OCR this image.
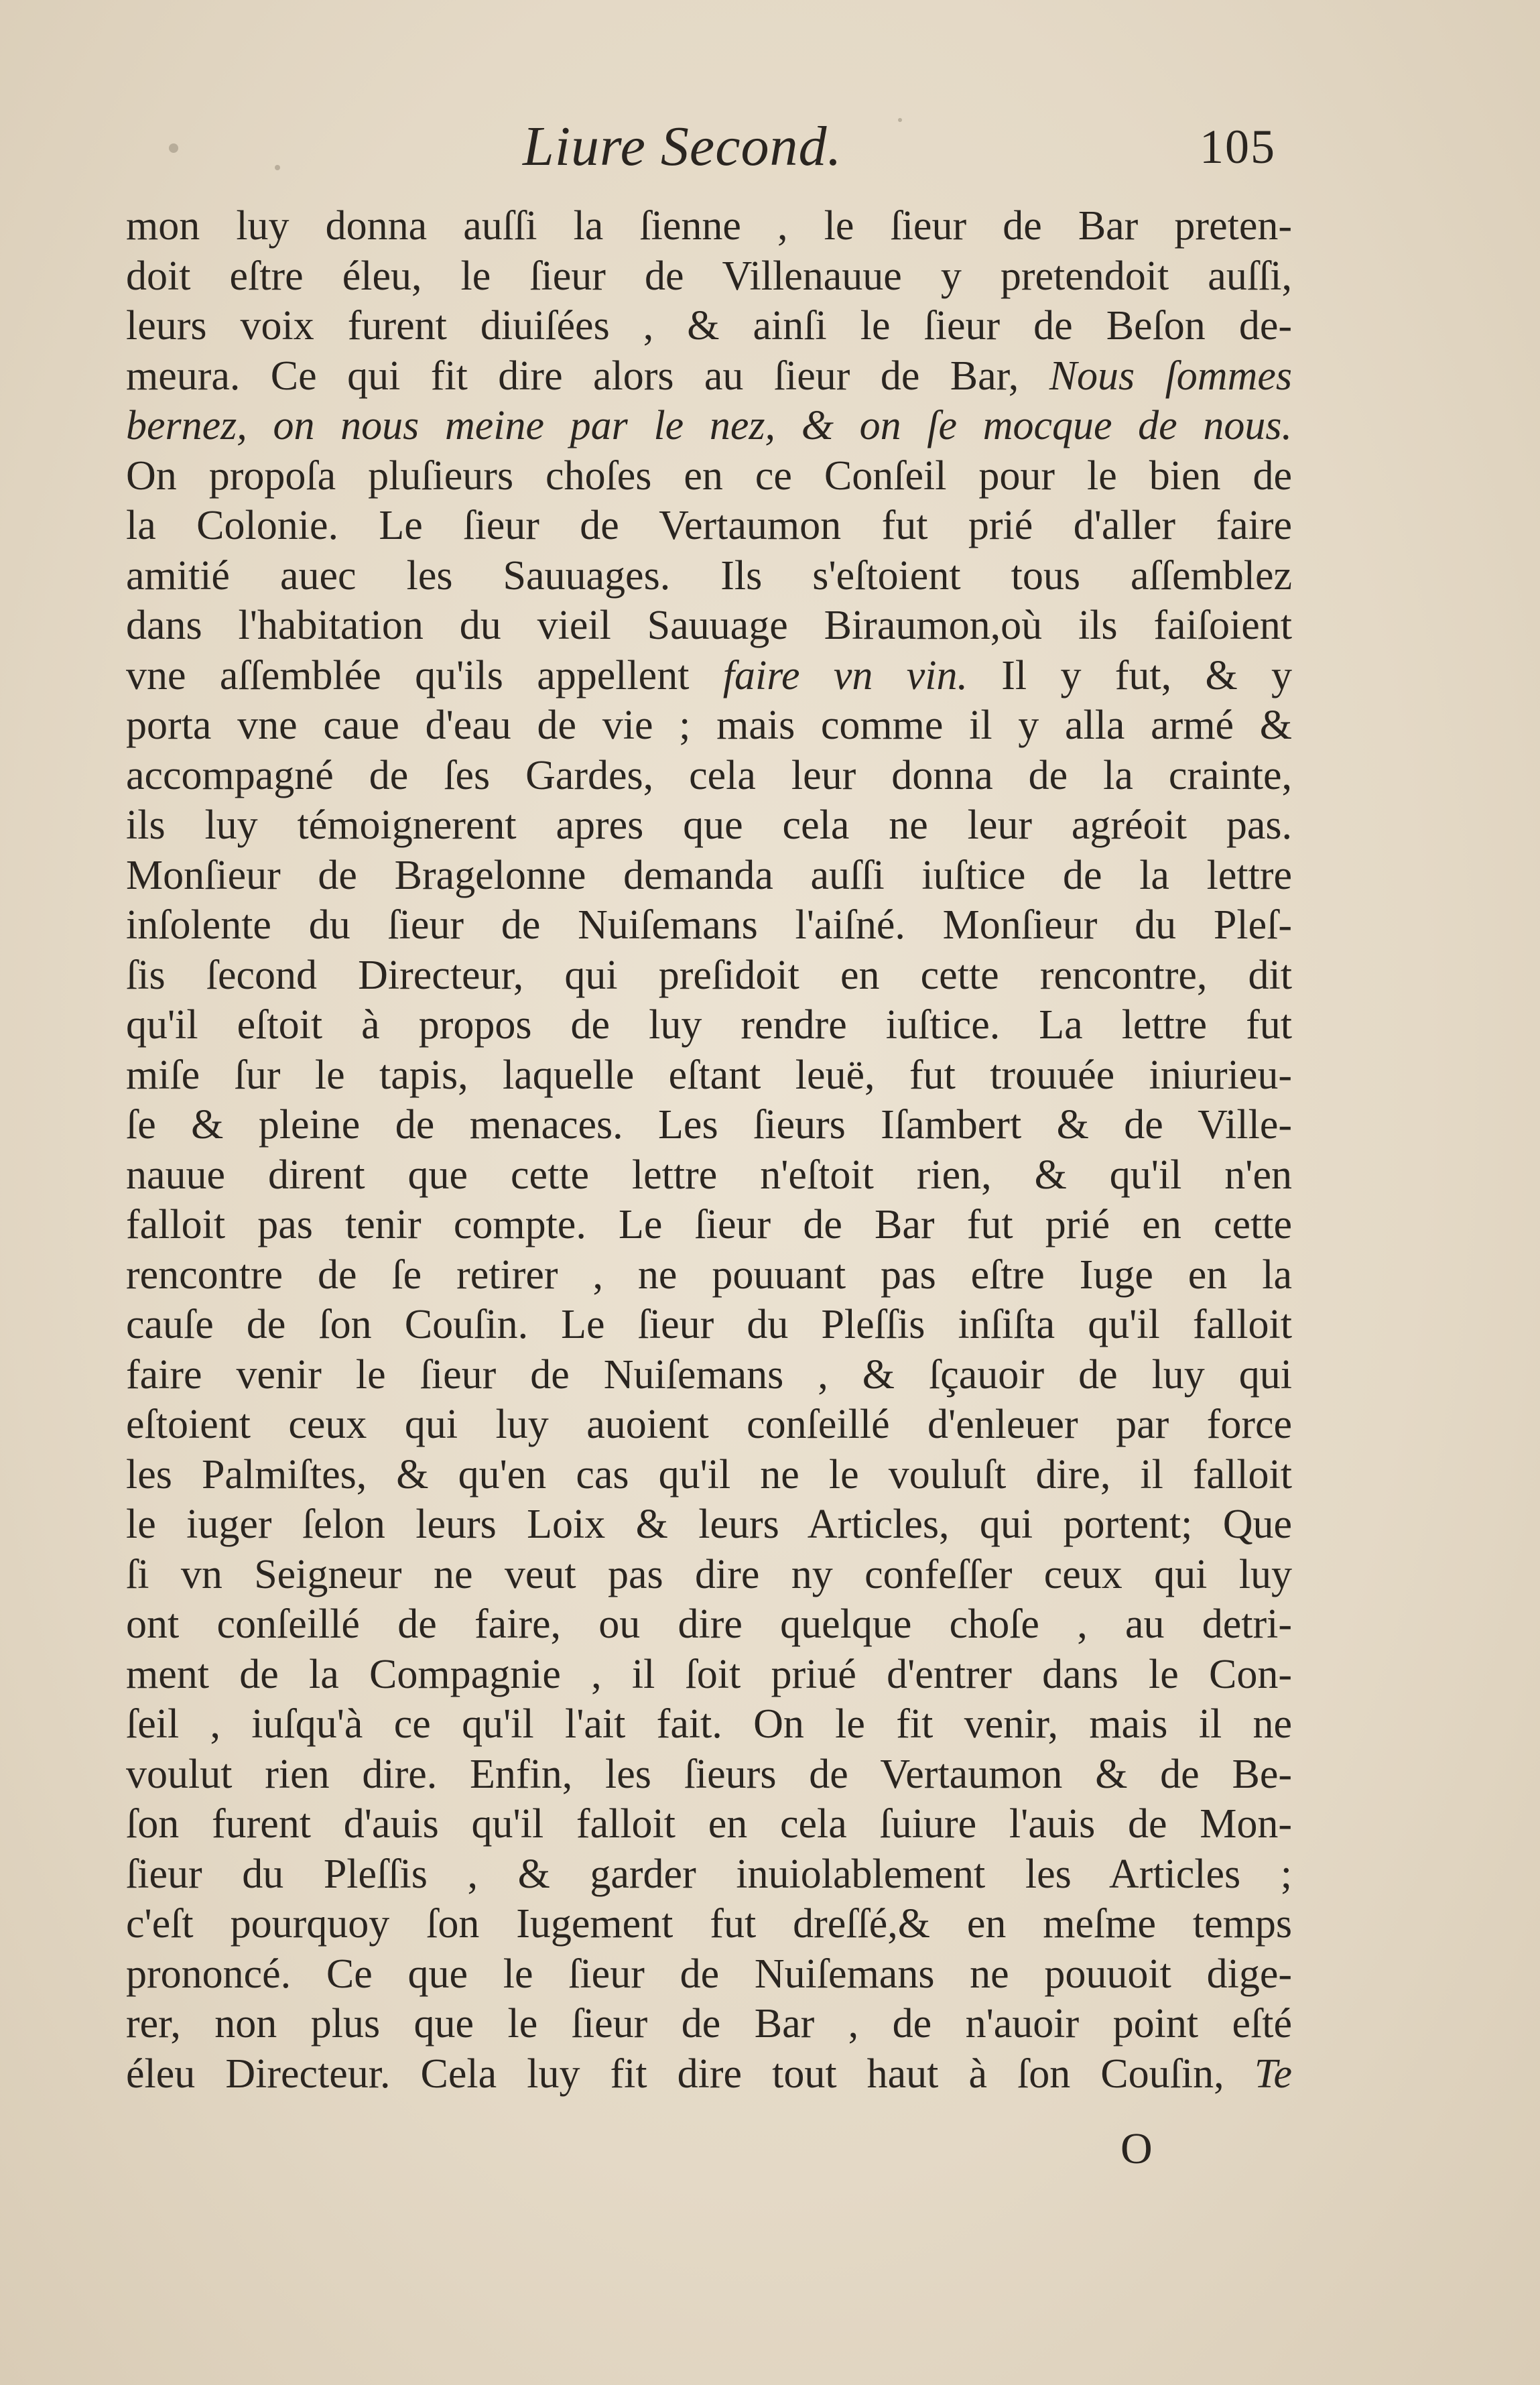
Liure Second.	105
mon luy donna auſſi la ſienne , le ſieur de Bar preten-
doit eſtre éleu, le ſieur de Villenauue y pretendoit auſſi,
leurs voix furent diuiſées , & ainſi le ſieur de Beſon de-
meura. Ce qui fit dire alors au ſieur de Bar, Nous ſommes
bernez, on nous meine par le nez, & on ſe mocque de nous.
On propoſa pluſieurs choſes en ce Conſeil pour le bien de
la Colonie. Le ſieur de Vertaumon fut prié d'aller faire
amitié auec les Sauuages. Ils s'eſtoient tous aſſemblez
dans l'habitation du vieil Sauuage Biraumon,où ils faiſoient
vne aſſemblée qu'ils appellent faire vn vin. Il y fut, & y
porta vne caue d'eau de vie ; mais comme il y alla armé &
accompagné de ſes Gardes, cela leur donna de la crainte,
ils luy témoignerent apres que cela ne leur agréoit pas.
Monſieur de Bragelonne demanda auſſi iuſtice de la lettre
inſolente du ſieur de Nuiſemans l'aiſné. Monſieur du Pleſ-
ſis ſecond Directeur, qui preſidoit en cette rencontre, dit
qu'il eſtoit à propos de luy rendre iuſtice. La lettre fut
miſe ſur le tapis, laquelle eſtant leuë, fut trouuée iniurieu-
ſe & pleine de menaces. Les ſieurs Iſambert & de Ville-
nauue dirent que cette lettre n'eſtoit rien, & qu'il n'en
falloit pas tenir compte. Le ſieur de Bar fut prié en cette
rencontre de ſe retirer , ne pouuant pas eſtre Iuge en la
cauſe de ſon Couſin. Le ſieur du Pleſſis inſiſta qu'il falloit
faire venir le ſieur de Nuiſemans , & ſçauoir de luy qui
eſtoient ceux qui luy auoient conſeillé d'enleuer par force
les Palmiſtes, & qu'en cas qu'il ne le vouluſt dire, il falloit
le iuger ſelon leurs Loix & leurs Articles, qui portent; Que
ſi vn Seigneur ne veut pas dire ny confeſſer ceux qui luy
ont conſeillé de faire, ou dire quelque choſe , au detri-
ment de la Compagnie , il ſoit priué d'entrer dans le Con-
ſeil , iuſqu'à ce qu'il l'ait fait. On le fit venir, mais il ne
voulut rien dire. Enfin, les ſieurs de Vertaumon & de Be-
ſon furent d'auis qu'il falloit en cela ſuiure l'auis de Mon-
ſieur du Pleſſis , & garder inuiolablement les Articles ;
c'eſt pourquoy ſon Iugement fut dreſſé,& en meſme temps
prononcé. Ce que le ſieur de Nuiſemans ne pouuoit dige-
rer, non plus que le ſieur de Bar , de n'auoir point eſté
éleu Directeur. Cela luy fit dire tout haut à ſon Couſin, Te
O
